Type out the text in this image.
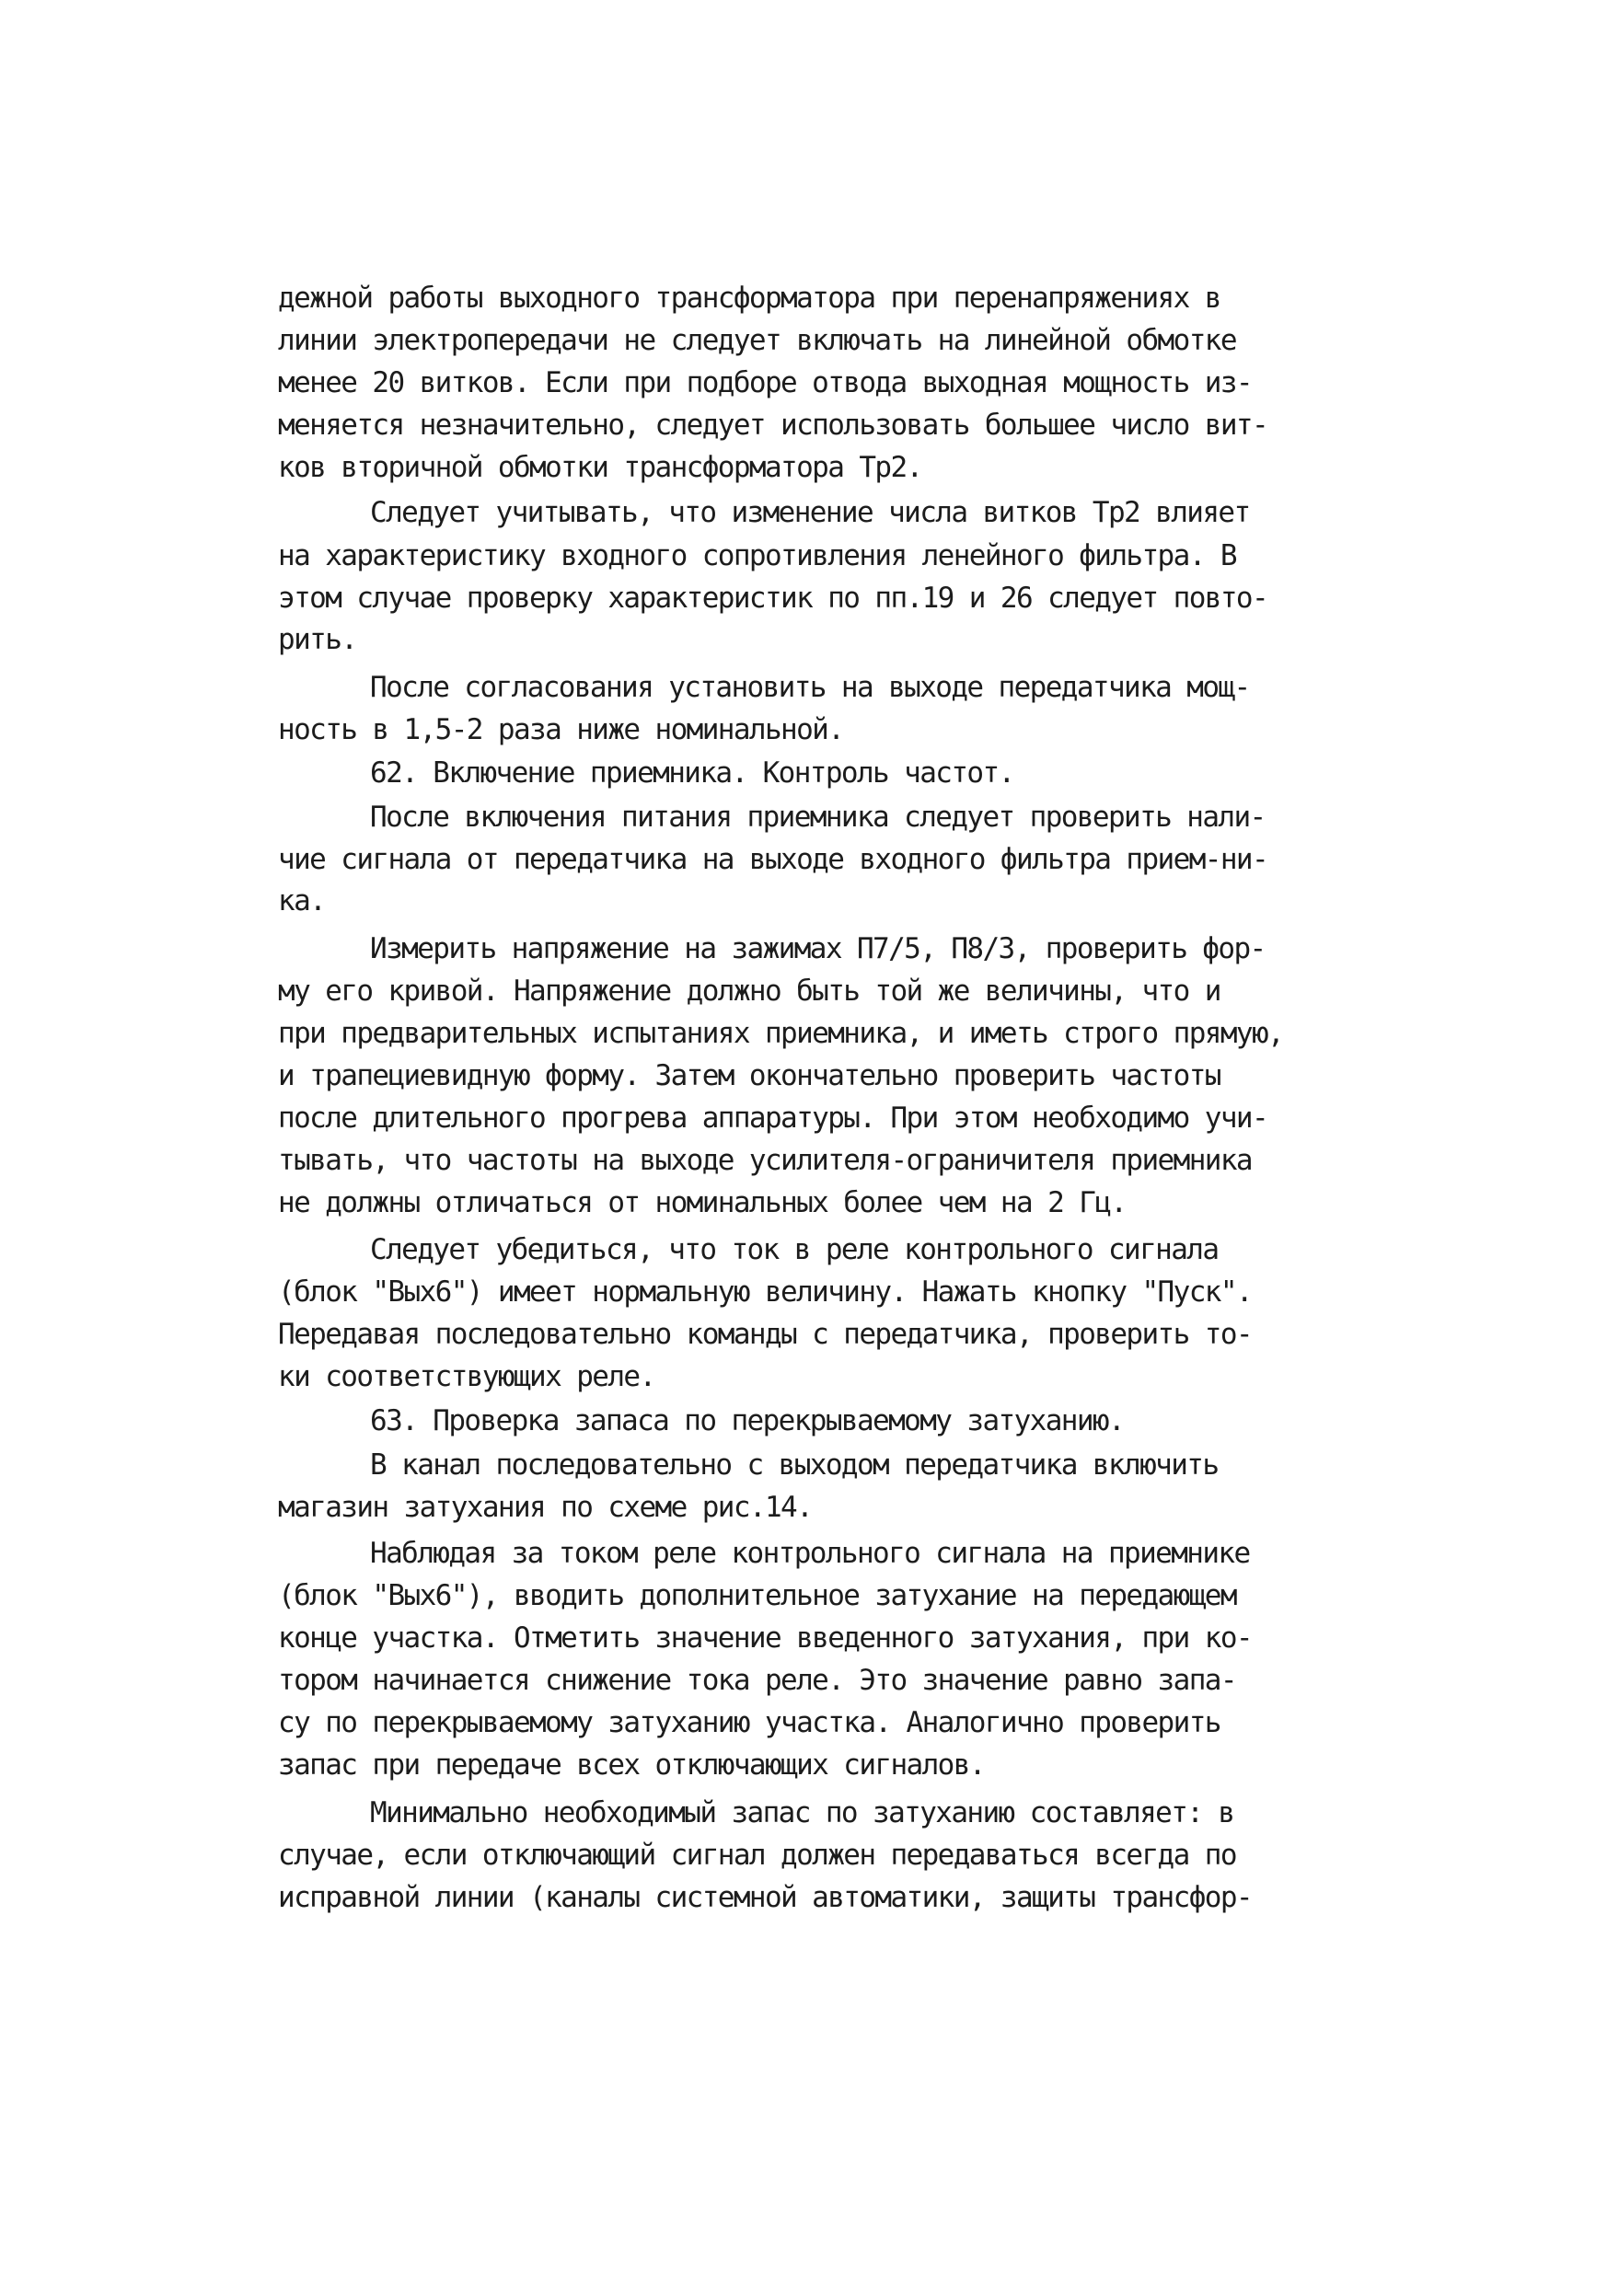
дежной работы выходного трансформатора при перенапряжениях в
линии электропередачи не следует включать на линейной обмотке
менее 20 витков. Если при подборе отвода выходная мощность из-
меняется незначительно, следует использовать большее число вит-
ков вторичной обмотки трансформатора Тр2.
Следует учитывать, что изменение числа витков Тр2 влияет
на характеристику входного сопротивления ленейного фильтра. В
этом случае проверку характеристик по пп.19 и 26 следует повто-
рить.
После согласования установить на выходе передатчика мощ-
ность в 1,5-2 раза ниже номинальной.
62. Включение приемника. Контроль частот.
После включения питания приемника следует проверить нали-
чие сигнала от передатчика на выходе входного фильтра прием-ни-
ка.
Измерить напряжение на зажимах П7/5, П8/3, проверить фор-
му его кривой. Напряжение должно быть той же величины, что и
при предварительных испытаниях приемника, и иметь строго прямую,
и трапециевидную форму. Затем окончательно проверить частоты
после длительного прогрева аппаратуры. При этом необходимо учи-
тывать, что частоты на выходе усилителя-ограничителя приемника
не должны отличаться от номинальных более чем на 2 Гц.
Следует убедиться, что ток в реле контрольного сигнала
(блок "Вых6") имеет нормальную величину. Нажать кнопку "Пуск".
Передавая последовательно команды с передатчика, проверить то-
ки соответствующих реле.
63. Проверка запаса по перекрываемому затуханию.
В канал последовательно с выходом передатчика включить
магазин затухания по схеме рис.14.
Наблюдая за током реле контрольного сигнала на приемнике
(блок "Вых6"), вводить дополнительное затухание на передающем
конце участка. Отметить значение введенного затухания, при ко-
тором начинается снижение тока реле. Это значение равно запа-
су по перекрываемому затуханию участка. Аналогично проверить
запас при передаче всех отключающих сигналов.
Минимально необходимый запас по затуханию составляет: в
случае, если отключающий сигнал должен передаваться всегда по
исправной линии (каналы системной автоматики, защиты трансфор-
